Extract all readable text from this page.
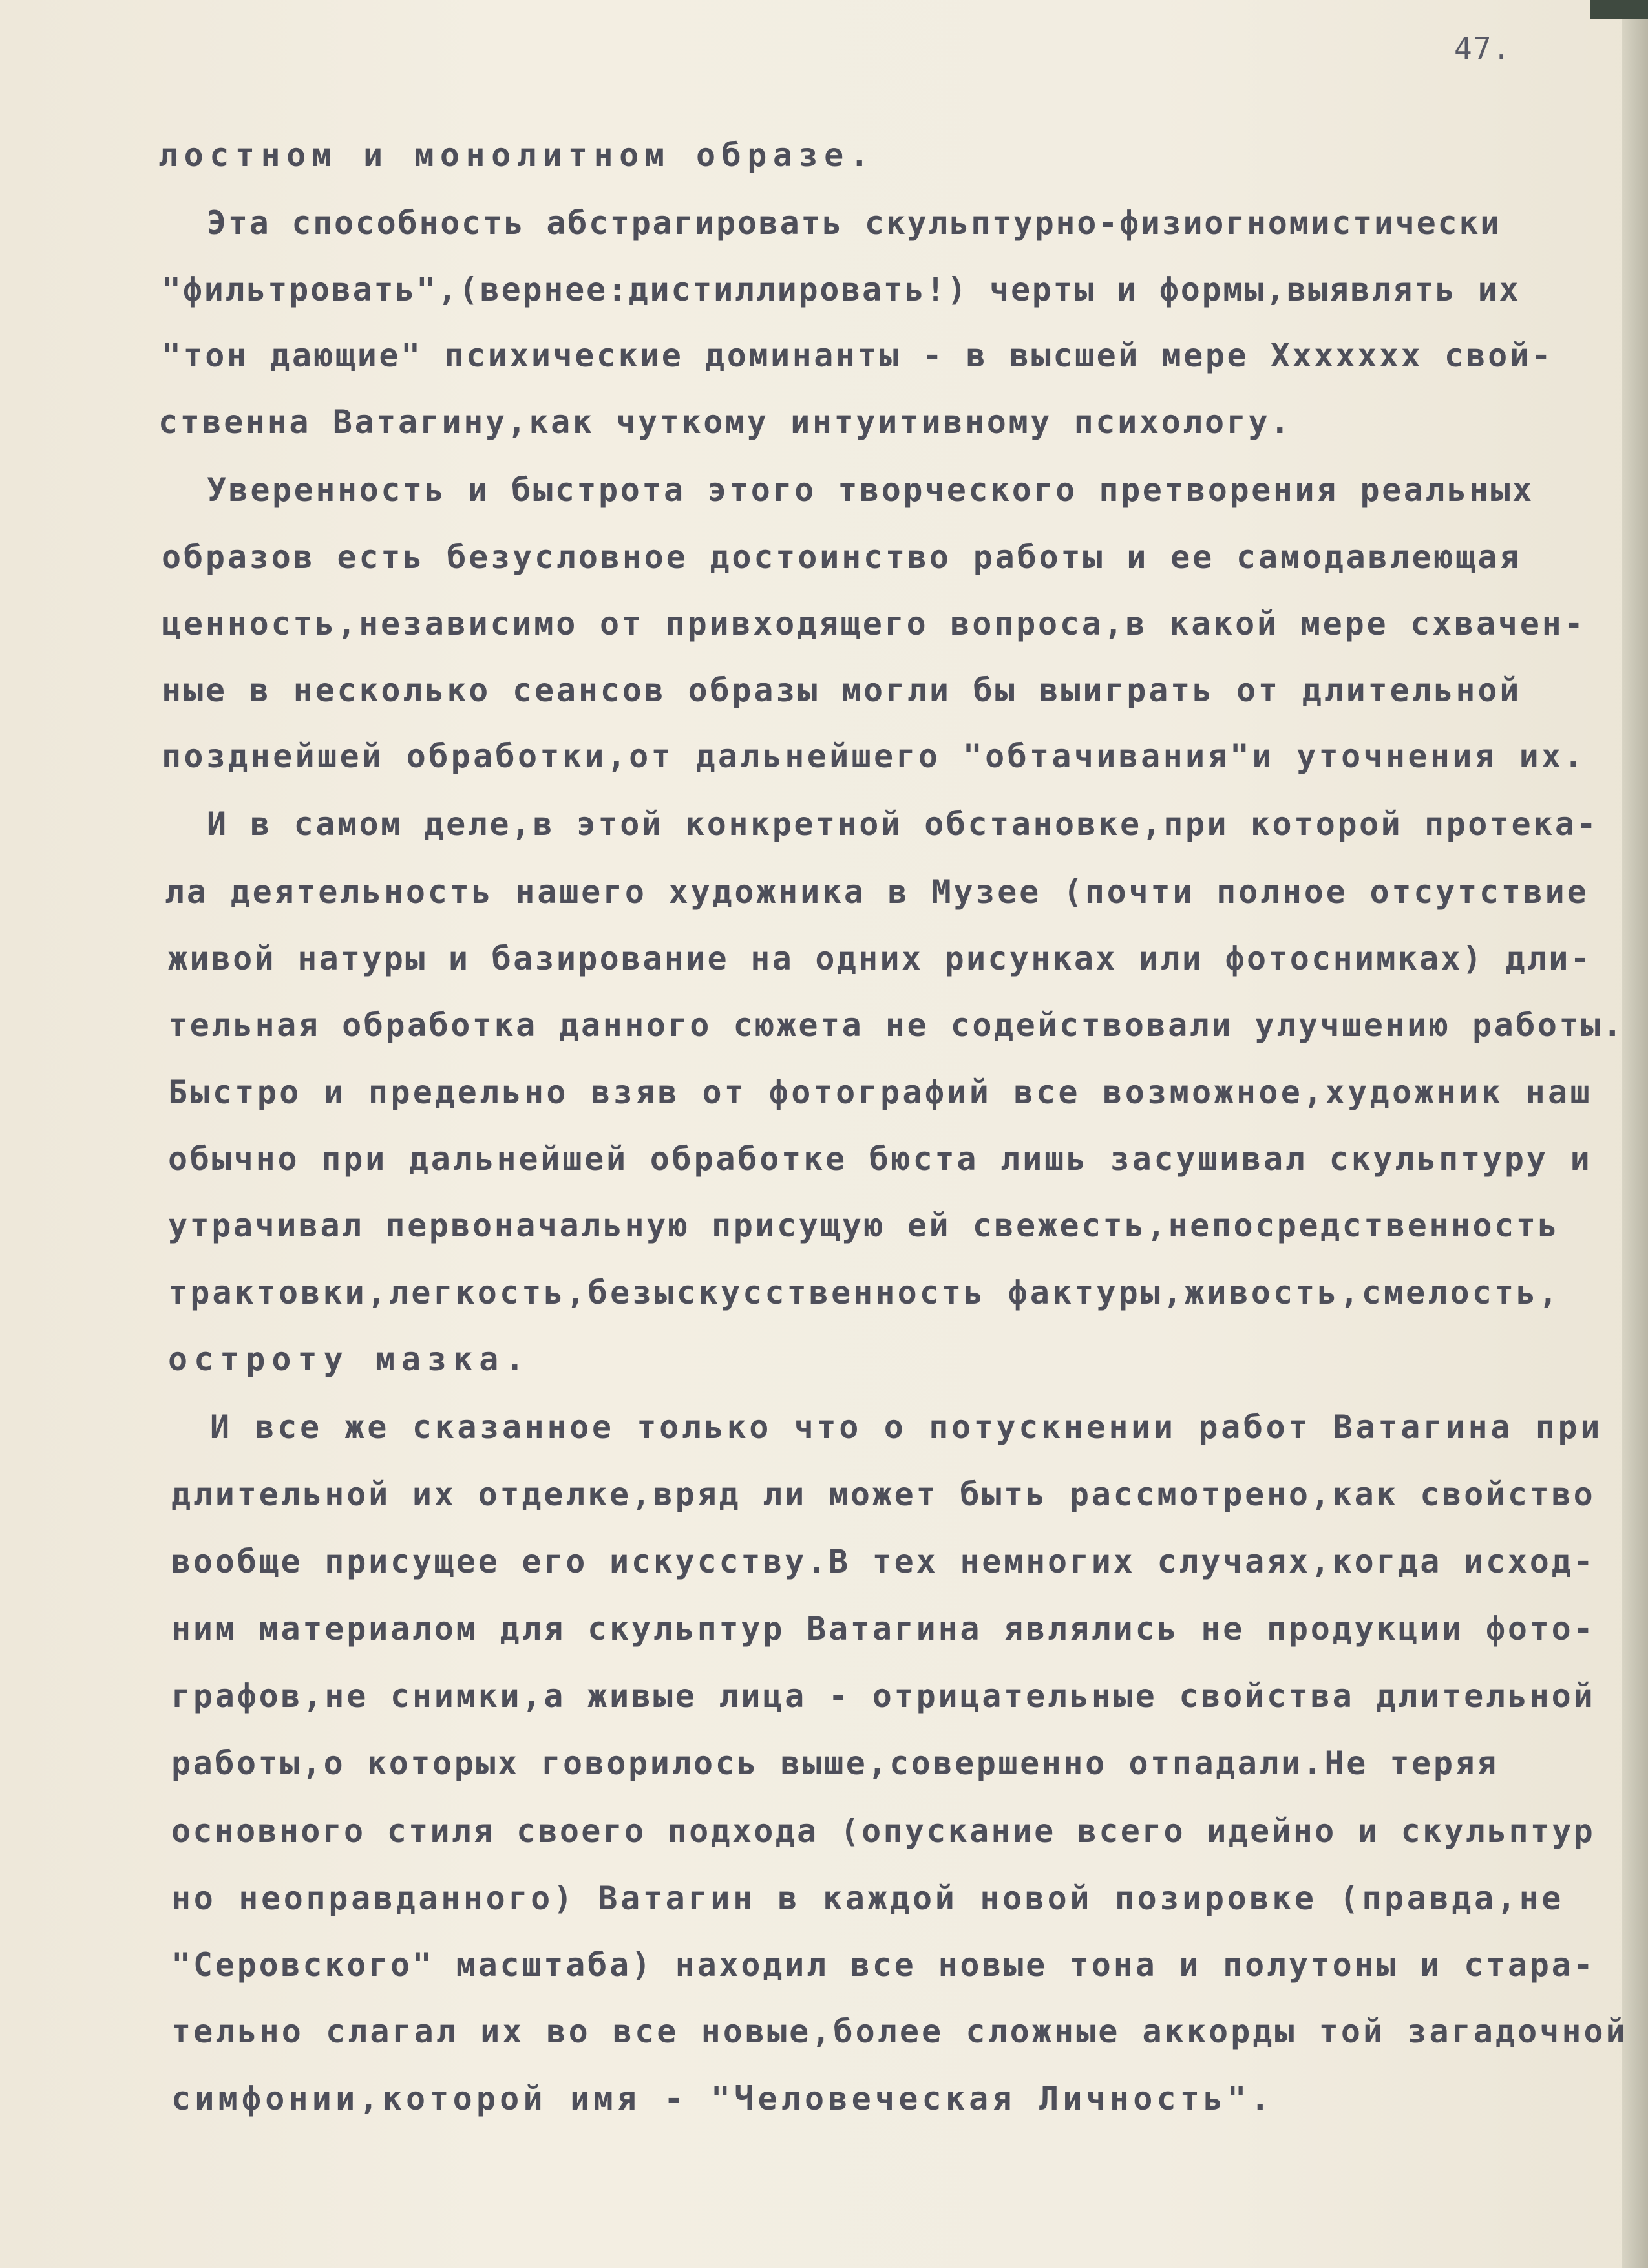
47.
лостном и монолитном образе.
Эта способность абстрагировать скульптурно-физиогномистически
"фильтровать",(вернее:дистиллировать!) черты и формы,выявлять их
"тон дающие" психические доминанты - в высшей мере Ххххххх свой-
ственна Ватагину,как чуткому интуитивному психологу.
Уверенность и быстрота этого творческого претворения реальных
образов есть безусловное достоинство работы и ее самодавлеющая
ценность,независимо от привходящего вопроса,в какой мере схвачен-
ные в несколько сеансов образы могли бы выиграть от длительной
позднейшей обработки,от дальнейшего "обтачивания"и уточнения их.
И в самом деле,в этой конкретной обстановке,при которой протека-
ла деятельность нашего художника в Музее (почти полное отсутствие
живой натуры и базирование на одних рисунках или фотоснимках) дли-
тельная обработка данного сюжета не содействовали улучшению работы.
Быстро и предельно взяв от фотографий все возможное,художник наш
обычно при дальнейшей обработке бюста лишь засушивал скульптуру и
утрачивал первоначальную присущую ей свежесть,непосредственность
трактовки,легкость,безыскусственность фактуры,живость,смелость,
остроту мазка.
И все же сказанное только что о потускнении работ Ватагина при
длительной их отделке,вряд ли может быть рассмотрено,как свойство
вообще присущее его искусству.В тех немногих случаях,когда исход-
ним материалом для скульптур Ватагина являлись не продукции фото-
графов,не снимки,а живые лица - отрицательные свойства длительной
работы,о которых говорилось выше,совершенно отпадали.Не теряя
основного стиля своего подхода (опускание всего идейно и скульптур
но неоправданного) Ватагин в каждой новой позировке (правда,не
"Серовского" масштаба) находил все новые тона и полутоны и стара-
тельно слагал их во все новые,более сложные аккорды той загадочной
симфонии,которой имя - "Человеческая Личность".
